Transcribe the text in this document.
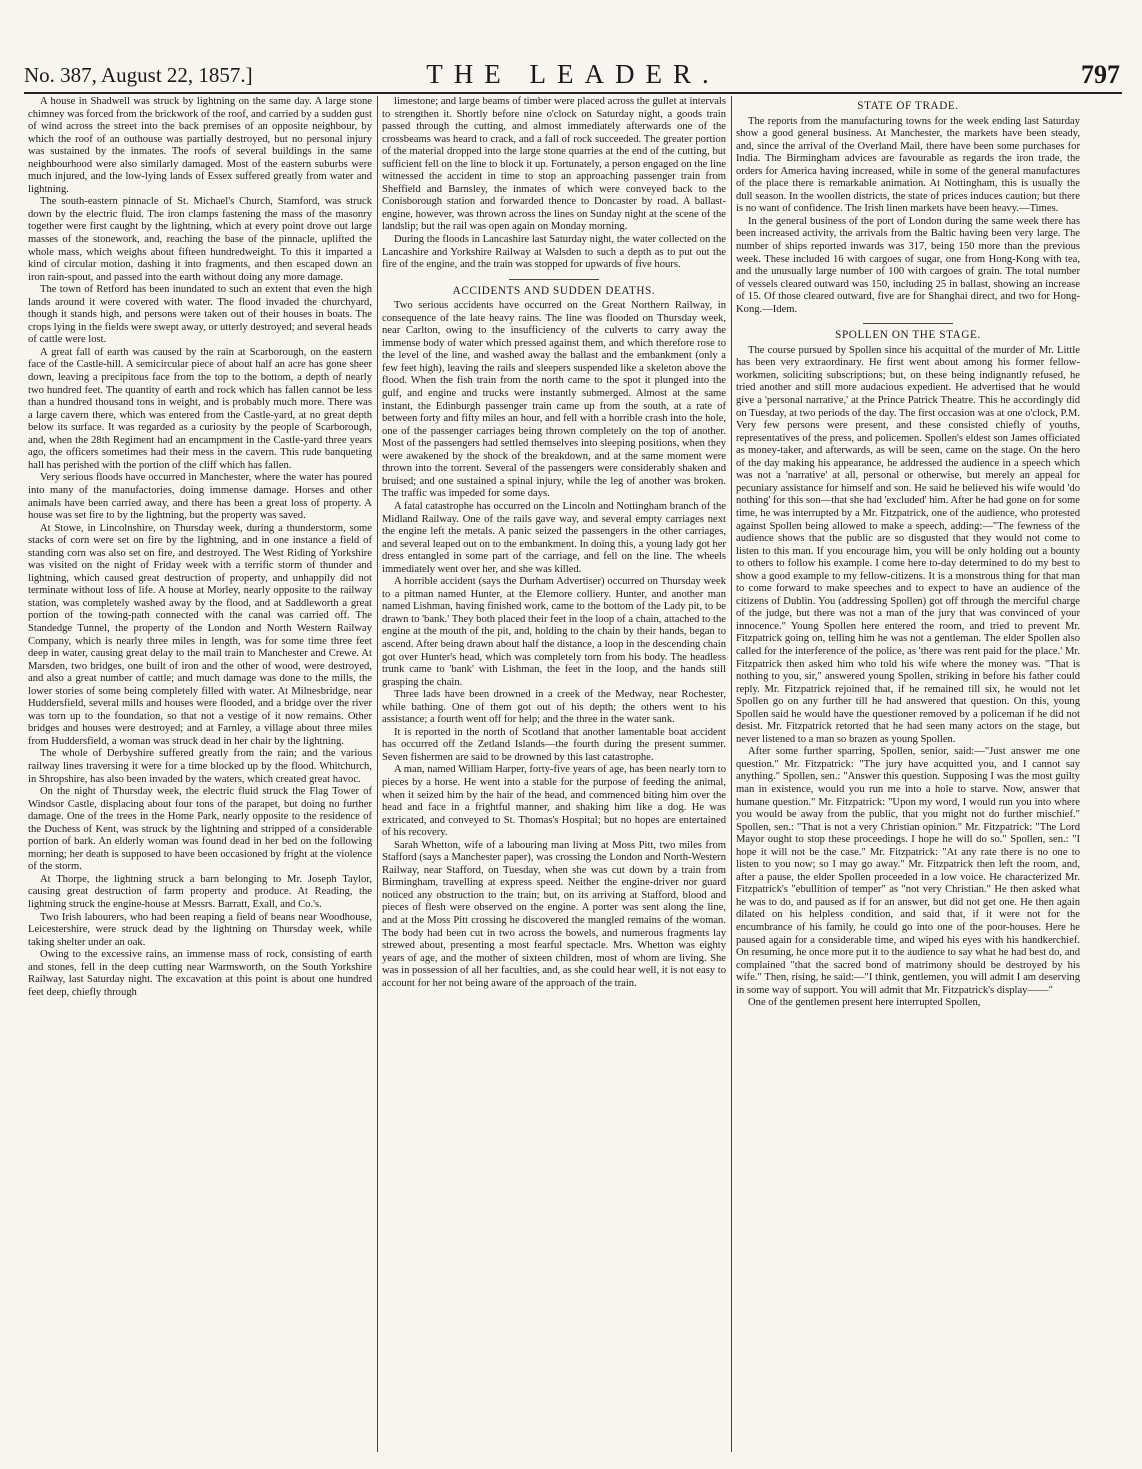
No. 387, August 22, 1857.]	THE LEADER.	797

A house in Shadwell was struck by lightning on the same day. A large stone chimney was forced from the brickwork of the roof, and carried by a sudden gust of wind across the street into the back premises of an opposite neighbour, by which the roof of an outhouse was partially destroyed, but no personal injury was sustained by the inmates. The roofs of several buildings in the same neighbourhood were also similarly damaged. Most of the eastern suburbs were much injured, and the low-lying lands of Essex suffered greatly from water and lightning.

The south-eastern pinnacle of St. Michael's Church, Stamford, was struck down by the electric fluid. The iron clamps fastening the mass of the masonry together were first caught by the lightning, which at every point drove out large masses of the stonework, and, reaching the base of the pinnacle, uplifted the whole mass, which weighs about fifteen hundredweight. To this it imparted a kind of circular motion, dashing it into fragments, and then escaped down an iron rain-spout, and passed into the earth without doing any more damage.

The town of Retford has been inundated to such an extent that even the high lands around it were covered with water. The flood invaded the churchyard, though it stands high, and persons were taken out of their houses in boats. The crops lying in the fields were swept away, or utterly destroyed; and several heads of cattle were lost.

A great fall of earth was caused by the rain at Scarborough, on the eastern face of the Castle-hill. A semicircular piece of about half an acre has gone sheer down, leaving a precipitous face from the top to the bottom, a depth of nearly two hundred feet. The quantity of earth and rock which has fallen cannot be less than a hundred thousand tons in weight, and is probably much more. There was a large cavern there, which was entered from the Castle-yard, at no great depth below its surface. It was regarded as a curiosity by the people of Scarborough, and, when the 28th Regiment had an encampment in the Castle-yard three years ago, the officers sometimes had their mess in the cavern. This rude banqueting hall has perished with the portion of the cliff which has fallen.

Very serious floods have occurred in Manchester, where the water has poured into many of the manufactories, doing immense damage. Horses and other animals have been carried away, and there has been a great loss of property. A house was set fire to by the lightning, but the property was saved.

At Stowe, in Lincolnshire, on Thursday week, during a thunderstorm, some stacks of corn were set on fire by the lightning, and in one instance a field of standing corn was also set on fire, and destroyed. The West Riding of Yorkshire was visited on the night of Friday week with a terrific storm of thunder and lightning, which caused great destruction of property, and unhappily did not terminate without loss of life. A house at Morley, nearly opposite to the railway station, was completely washed away by the flood, and at Saddleworth a great portion of the towing-path connected with the canal was carried off. The Standedge Tunnel, the property of the London and North Western Railway Company, which is nearly three miles in length, was for some time three feet deep in water, causing great delay to the mail train to Manchester and Crewe. At Marsden, two bridges, one built of iron and the other of wood, were destroyed, and also a great number of cattle; and much damage was done to the mills, the lower stories of some being completely filled with water. At Milnesbridge, near Huddersfield, several mills and houses were flooded, and a bridge over the river was torn up to the foundation, so that not a vestige of it now remains. Other bridges and houses were destroyed; and at Farnley, a village about three miles from Huddersfield, a woman was struck dead in her chair by the lightning.

The whole of Derbyshire suffered greatly from the rain; and the various railway lines traversing it were for a time blocked up by the flood. Whitchurch, in Shropshire, has also been invaded by the waters, which created great havoc.

On the night of Thursday week, the electric fluid struck the Flag Tower of Windsor Castle, displacing about four tons of the parapet, but doing no further damage. One of the trees in the Home Park, nearly opposite to the residence of the Duchess of Kent, was struck by the lightning and stripped of a considerable portion of bark. An elderly woman was found dead in her bed on the following morning; her death is supposed to have been occasioned by fright at the violence of the storm.

At Thorpe, the lightning struck a barn belonging to Mr. Joseph Taylor, causing great destruction of farm property and produce. At Reading, the lightning struck the engine-house at Messrs. Barratt, Exall, and Co.'s.

Two Irish labourers, who had been reaping a field of beans near Woodhouse, Leicestershire, were struck dead by the lightning on Thursday week, while taking shelter under an oak.

Owing to the excessive rains, an immense mass of rock, consisting of earth and stones, fell in the deep cutting near Warmsworth, on the South Yorkshire Railway, last Saturday night. The excavation at this point is about one hundred feet deep, chiefly through

limestone; and large beams of timber were placed across the gullet at intervals to strengthen it. Shortly before nine o'clock on Saturday night, a goods train passed through the cutting, and almost immediately afterwards one of the crossbeams was heard to crack, and a fall of rock succeeded. The greater portion of the material dropped into the large stone quarries at the end of the cutting, but sufficient fell on the line to block it up. Fortunately, a person engaged on the line witnessed the accident in time to stop an approaching passenger train from Sheffield and Barnsley, the inmates of which were conveyed back to the Conisborough station and forwarded thence to Doncaster by road. A ballast-engine, however, was thrown across the lines on Sunday night at the scene of the landslip; but the rail was open again on Monday morning.

During the floods in Lancashire last Saturday night, the water collected on the Lancashire and Yorkshire Railway at Walsden to such a depth as to put out the fire of the engine, and the train was stopped for upwards of five hours.

ACCIDENTS AND SUDDEN DEATHS.

Two serious accidents have occurred on the Great Northern Railway, in consequence of the late heavy rains. The line was flooded on Thursday week, near Carlton, owing to the insufficiency of the culverts to carry away the immense body of water which pressed against them, and which therefore rose to the level of the line, and washed away the ballast and the embankment (only a few feet high), leaving the rails and sleepers suspended like a skeleton above the flood. When the fish train from the north came to the spot it plunged into the gulf, and engine and trucks were instantly submerged. Almost at the same instant, the Edinburgh passenger train came up from the south, at a rate of between forty and fifty miles an hour, and fell with a horrible crash into the hole, one of the passenger carriages being thrown completely on the top of another. Most of the passengers had settled themselves into sleeping positions, when they were awakened by the shock of the breakdown, and at the same moment were thrown into the torrent. Several of the passengers were considerably shaken and bruised; and one sustained a spinal injury, while the leg of another was broken. The traffic was impeded for some days.

A fatal catastrophe has occurred on the Lincoln and Nottingham branch of the Midland Railway. One of the rails gave way, and several empty carriages next the engine left the metals. A panic seized the passengers in the other carriages, and several leaped out on to the embankment. In doing this, a young lady got her dress entangled in some part of the carriage, and fell on the line. The wheels immediately went over her, and she was killed.

A horrible accident (says the Durham Advertiser) occurred on Thursday week to a pitman named Hunter, at the Elemore colliery. Hunter, and another man named Lishman, having finished work, came to the bottom of the Lady pit, to be drawn to 'bank.' They both placed their feet in the loop of a chain, attached to the engine at the mouth of the pit, and, holding to the chain by their hands, began to ascend. After being drawn about half the distance, a loop in the descending chain got over Hunter's head, which was completely torn from his body. The headless trunk came to 'bank' with Lishman, the feet in the loop, and the hands still grasping the chain.

Three lads have been drowned in a creek of the Medway, near Rochester, while bathing. One of them got out of his depth; the others went to his assistance; a fourth went off for help; and the three in the water sank.

It is reported in the north of Scotland that another lamentable boat accident has occurred off the Zetland Islands—the fourth during the present summer. Seven fishermen are said to be drowned by this last catastrophe.

A man, named William Harper, forty-five years of age, has been nearly torn to pieces by a horse. He went into a stable for the purpose of feeding the animal, when it seized him by the hair of the head, and commenced biting him over the head and face in a frightful manner, and shaking him like a dog. He was extricated, and conveyed to St. Thomas's Hospital; but no hopes are entertained of his recovery.

Sarah Whetton, wife of a labouring man living at Moss Pitt, two miles from Stafford (says a Manchester paper), was crossing the London and North-Western Railway, near Stafford, on Tuesday, when she was cut down by a train from Birmingham, travelling at express speed. Neither the engine-driver nor guard noticed any obstruction to the train; but, on its arriving at Stafford, blood and pieces of flesh were observed on the engine. A porter was sent along the line, and at the Moss Pitt crossing he discovered the mangled remains of the woman. The body had been cut in two across the bowels, and numerous fragments lay strewed about, presenting a most fearful spectacle. Mrs. Whetton was eighty years of age, and the mother of sixteen children, most of whom are living. She was in possession of all her faculties, and, as she could hear well, it is not easy to account for her not being aware of the approach of the train.

STATE OF TRADE.

The reports from the manufacturing towns for the week ending last Saturday show a good general business. At Manchester, the markets have been steady, and, since the arrival of the Overland Mail, there have been some purchases for India. The Birmingham advices are favourable as regards the iron trade, the orders for America having increased, while in some of the general manufactures of the place there is remarkable animation. At Nottingham, this is usually the dull season. In the woollen districts, the state of prices induces caution; but there is no want of confidence. The Irish linen markets have been heavy.—Times.

In the general business of the port of London during the same week there has been increased activity, the arrivals from the Baltic having been very large. The number of ships reported inwards was 317, being 150 more than the previous week. These included 16 with cargoes of sugar, one from Hong-Kong with tea, and the unusually large number of 100 with cargoes of grain. The total number of vessels cleared outward was 150, including 25 in ballast, showing an increase of 15. Of those cleared outward, five are for Shanghai direct, and two for Hong-Kong.—Idem.

SPOLLEN ON THE STAGE.

The course pursued by Spollen since his acquittal of the murder of Mr. Little has been very extraordinary. He first went about among his former fellow-workmen, soliciting subscriptions; but, on these being indignantly refused, he tried another and still more audacious expedient. He advertised that he would give a 'personal narrative,' at the Prince Patrick Theatre. This he accordingly did on Tuesday, at two periods of the day. The first occasion was at one o'clock, P.M. Very few persons were present, and these consisted chiefly of youths, representatives of the press, and policemen. Spollen's eldest son James officiated as money-taker, and afterwards, as will be seen, came on the stage. On the hero of the day making his appearance, he addressed the audience in a speech which was not a 'narrative' at all, personal or otherwise, but merely an appeal for pecuniary assistance for himself and son. He said he believed his wife would 'do nothing' for this son—that she had 'excluded' him. After he had gone on for some time, he was interrupted by a Mr. Fitzpatrick, one of the audience, who protested against Spollen being allowed to make a speech, adding:—"The fewness of the audience shows that the public are so disgusted that they would not come to listen to this man. If you encourage him, you will be only holding out a bounty to others to follow his example. I come here to-day determined to do my best to show a good example to my fellow-citizens. It is a monstrous thing for that man to come forward to make speeches and to expect to have an audience of the citizens of Dublin. You (addressing Spollen) got off through the merciful charge of the judge, but there was not a man of the jury that was convinced of your innocence." Young Spollen here entered the room, and tried to prevent Mr. Fitzpatrick going on, telling him he was not a gentleman. The elder Spollen also called for the interference of the police, as 'there was rent paid for the place.' Mr. Fitzpatrick then asked him who told his wife where the money was. "That is nothing to you, sir," answered young Spollen, striking in before his father could reply. Mr. Fitzpatrick rejoined that, if he remained till six, he would not let Spollen go on any further till he had answered that question. On this, young Spollen said he would have the questioner removed by a policeman if he did not desist. Mr. Fitzpatrick retorted that he had seen many actors on the stage, but never listened to a man so brazen as young Spollen.

After some further sparring, Spollen, senior, said:—"Just answer me one question." Mr. Fitzpatrick: "The jury have acquitted you, and I cannot say anything." Spollen, sen.: "Answer this question. Supposing I was the most guilty man in existence, would you run me into a hole to starve. Now, answer that humane question." Mr. Fitzpatrick: "Upon my word, I would run you into where you would be away from the public, that you might not do further mischief." Spollen, sen.: "That is not a very Christian opinion." Mr. Fitzpatrick: "The Lord Mayor ought to stop these proceedings. I hope he will do so." Spollen, sen.: "I hope it will not be the case." Mr. Fitzpatrick: "At any rate there is no one to listen to you now; so I may go away." Mr. Fitzpatrick then left the room, and, after a pause, the elder Spollen proceeded in a low voice. He characterized Mr. Fitzpatrick's "ebullition of temper" as "not very Christian." He then asked what he was to do, and paused as if for an answer, but did not get one. He then again dilated on his helpless condition, and said that, if it were not for the encumbrance of his family, he could go into one of the poor-houses. Here he paused again for a considerable time, and wiped his eyes with his handkerchief. On resuming, he once more put it to the audience to say what he had best do, and complained "that the sacred bond of matrimony should be destroyed by his wife." Then, rising, he said:—"I think, gentlemen, you will admit I am deserving in some way of support. You will admit that Mr. Fitzpatrick's display——"

One of the gentlemen present here interrupted Spollen,
